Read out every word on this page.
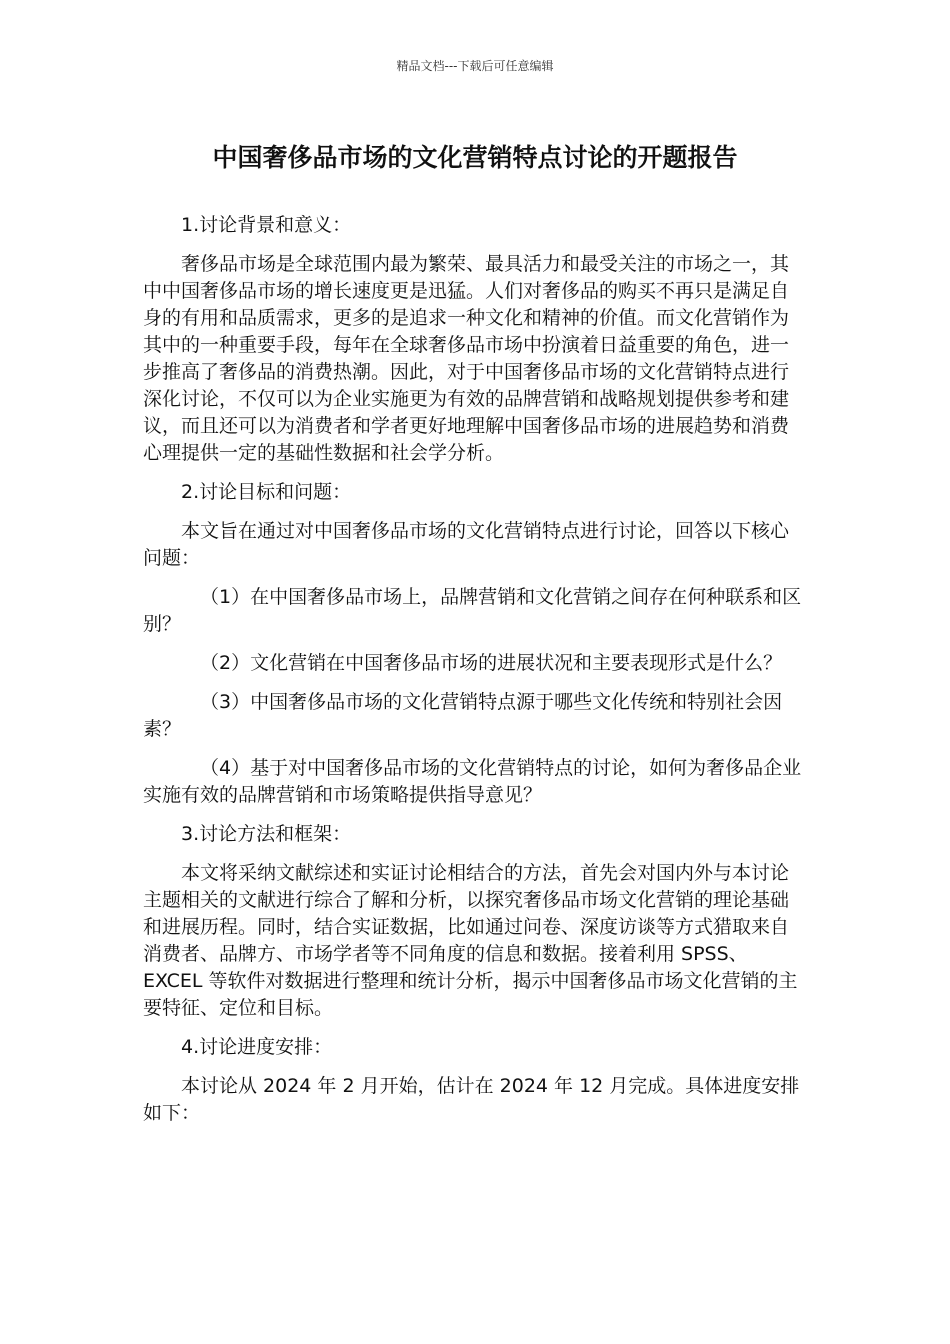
精品文档---下载后可任意编辑
中国奢侈品市场的文化营销特点讨论的开题报告

1.讨论背景和意义：

奢侈品市场是全球范围内最为繁荣、最具活力和最受关注的市场之一，其中中国奢侈品市场的增长速度更是迅猛。人们对奢侈品的购买不再只是满足自身的有用和品质需求，更多的是追求一种文化和精神的价值。而文化营销作为其中的一种重要手段，每年在全球奢侈品市场中扮演着日益重要的角色，进一步推高了奢侈品的消费热潮。因此，对于中国奢侈品市场的文化营销特点进行深化讨论，不仅可以为企业实施更为有效的品牌营销和战略规划提供参考和建议，而且还可以为消费者和学者更好地理解中国奢侈品市场的进展趋势和消费心理提供一定的基础性数据和社会学分析。

2.讨论目标和问题：

本文旨在通过对中国奢侈品市场的文化营销特点进行讨论，回答以下核心问题：

（1）在中国奢侈品市场上，品牌营销和文化营销之间存在何种联系和区别？

（2）文化营销在中国奢侈品市场的进展状况和主要表现形式是什么？

（3）中国奢侈品市场的文化营销特点源于哪些文化传统和特别社会因素？

（4）基于对中国奢侈品市场的文化营销特点的讨论，如何为奢侈品企业实施有效的品牌营销和市场策略提供指导意见？

3.讨论方法和框架：

本文将采纳文献综述和实证讨论相结合的方法，首先会对国内外与本讨论主题相关的文献进行综合了解和分析，以探究奢侈品市场文化营销的理论基础和进展历程。同时，结合实证数据，比如通过问卷、深度访谈等方式猎取来自消费者、品牌方、市场学者等不同角度的信息和数据。接着利用 SPSS、EXCEL 等软件对数据进行整理和统计分析，揭示中国奢侈品市场文化营销的主要特征、定位和目标。

4.讨论进度安排：

本讨论从 2024 年 2 月开始，估计在 2024 年 12 月完成。具体进度安排如下：
